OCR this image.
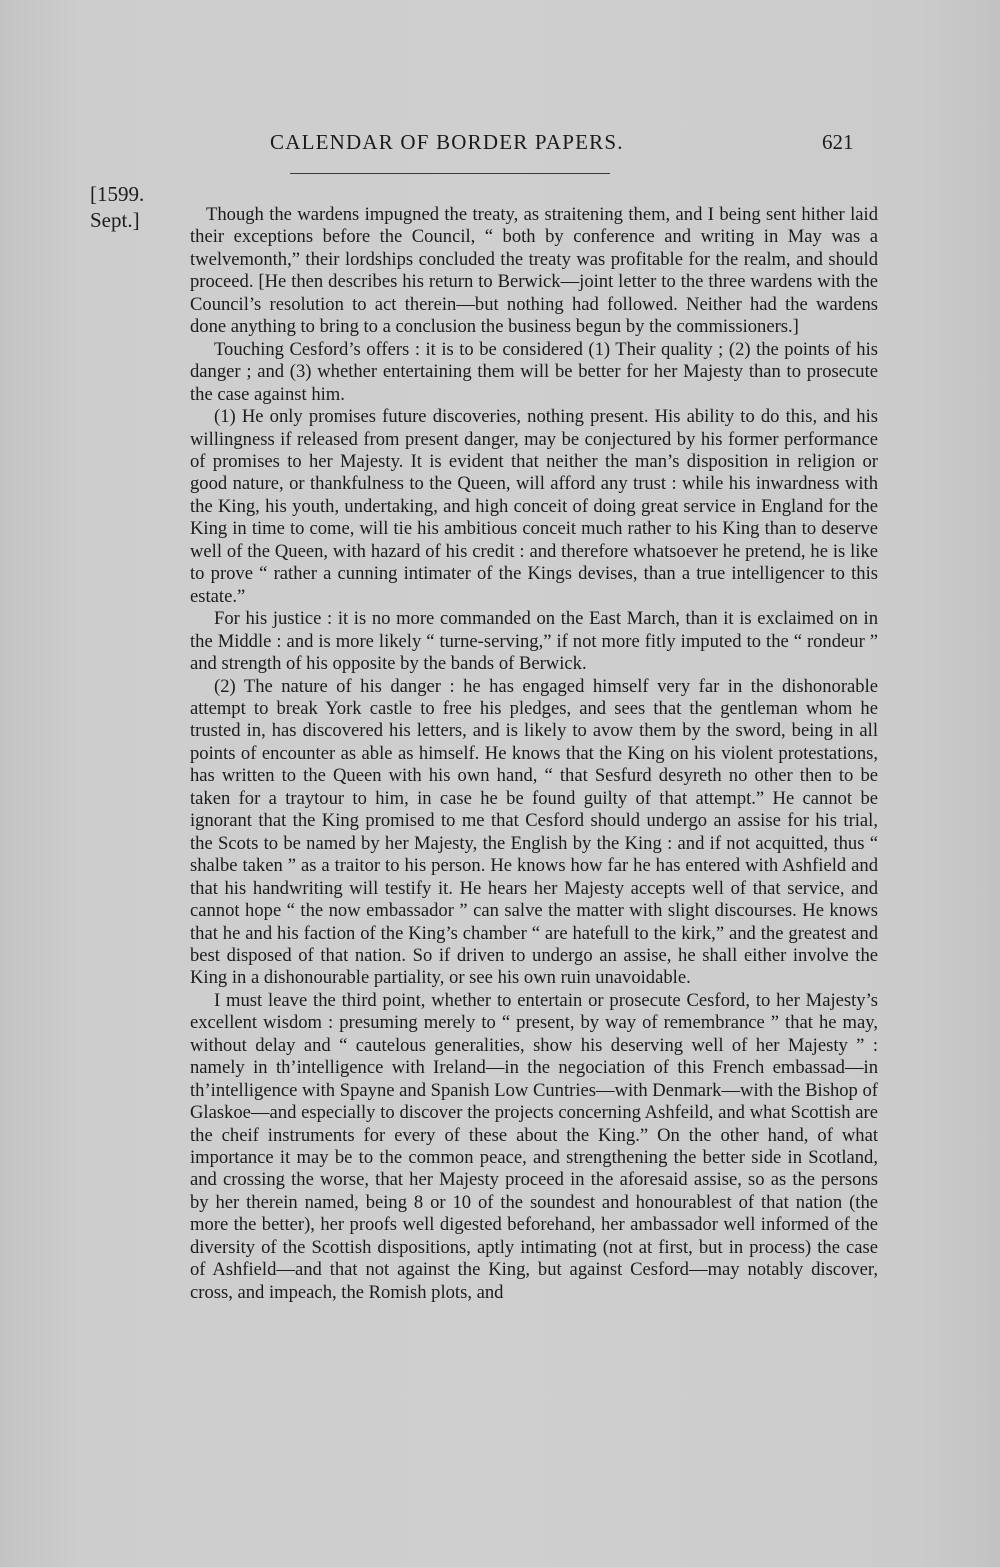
CALENDAR OF BORDER PAPERS.	621
[1599.
Sept.]	Though the wardens impugned the treaty, as straitening them, and I being sent hither laid their exceptions before the Council, “ both by conference and writing in May was a twelvemonth,” their lordships concluded the treaty was profitable for the realm, and should proceed. [He then describes his return to Berwick—joint letter to the three wardens with the Council’s resolution to act therein—but nothing had followed. Neither had the wardens done anything to bring to a conclusion the business begun by the commissioners.]

Touching Cesford’s offers : it is to be considered (1) Their quality ; (2) the points of his danger ; and (3) whether entertaining them will be better for her Majesty than to prosecute the case against him.

(1) He only promises future discoveries, nothing present. His ability to do this, and his willingness if released from present danger, may be conjectured by his former performance of promises to her Majesty. It is evident that neither the man’s disposition in religion or good nature, or thankfulness to the Queen, will afford any trust : while his inwardness with the King, his youth, undertaking, and high conceit of doing great service in England for the King in time to come, will tie his ambitious conceit much rather to his King than to deserve well of the Queen, with hazard of his credit : and therefore whatsoever he pretend, he is like to prove “ rather a cunning intimater of the Kings devises, than a true intelligencer to this estate.”

For his justice : it is no more commanded on the East March, than it is exclaimed on in the Middle : and is more likely “ turne-serving,” if not more fitly imputed to the “ rondeur ” and strength of his opposite by the bands of Berwick.

(2) The nature of his danger : he has engaged himself very far in the dishonorable attempt to break York castle to free his pledges, and sees that the gentleman whom he trusted in, has discovered his letters, and is likely to avow them by the sword, being in all points of encounter as able as himself. He knows that the King on his violent protestations, has written to the Queen with his own hand, “ that Sesfurd desyreth no other then to be taken for a traytour to him, in case he be found guilty of that attempt.” He cannot be ignorant that the King promised to me that Cesford should undergo an assise for his trial, the Scots to be named by her Majesty, the English by the King : and if not acquitted, thus “ shalbe taken ” as a traitor to his person. He knows how far he has entered with Ashfield and that his handwriting will testify it. He hears her Majesty accepts well of that service, and cannot hope “ the now embassador ” can salve the matter with slight discourses. He knows that he and his faction of the King’s chamber “ are hatefull to the kirk,” and the greatest and best disposed of that nation. So if driven to undergo an assise, he shall either involve the King in a dishonourable partiality, or see his own ruin unavoidable.

I must leave the third point, whether to entertain or prosecute Cesford, to her Majesty’s excellent wisdom : presuming merely to “ present, by way of remembrance ” that he may, without delay and “ cautelous generalities, show his deserving well of her Majesty ” : namely in th’intelligence with Ireland—in the negociation of this French embassad—in th’intelligence with Spayne and Spanish Low Cuntries—with Denmark—with the Bishop of Glaskoe—and especially to discover the projects concerning Ashfeild, and what Scottish are the cheif instruments for every of these about the King.” On the other hand, of what importance it may be to the common peace, and strengthening the better side in Scotland, and crossing the worse, that her Majesty proceed in the aforesaid assise, so as the persons by her therein named, being 8 or 10 of the soundest and honourablest of that nation (the more the better), her proofs well digested beforehand, her ambassador well informed of the diversity of the Scottish dispositions, aptly intimating (not at first, but in process) the case of Ashfield—and that not against the King, but against Cesford—may notably discover, cross, and impeach, the Romish plots, and
